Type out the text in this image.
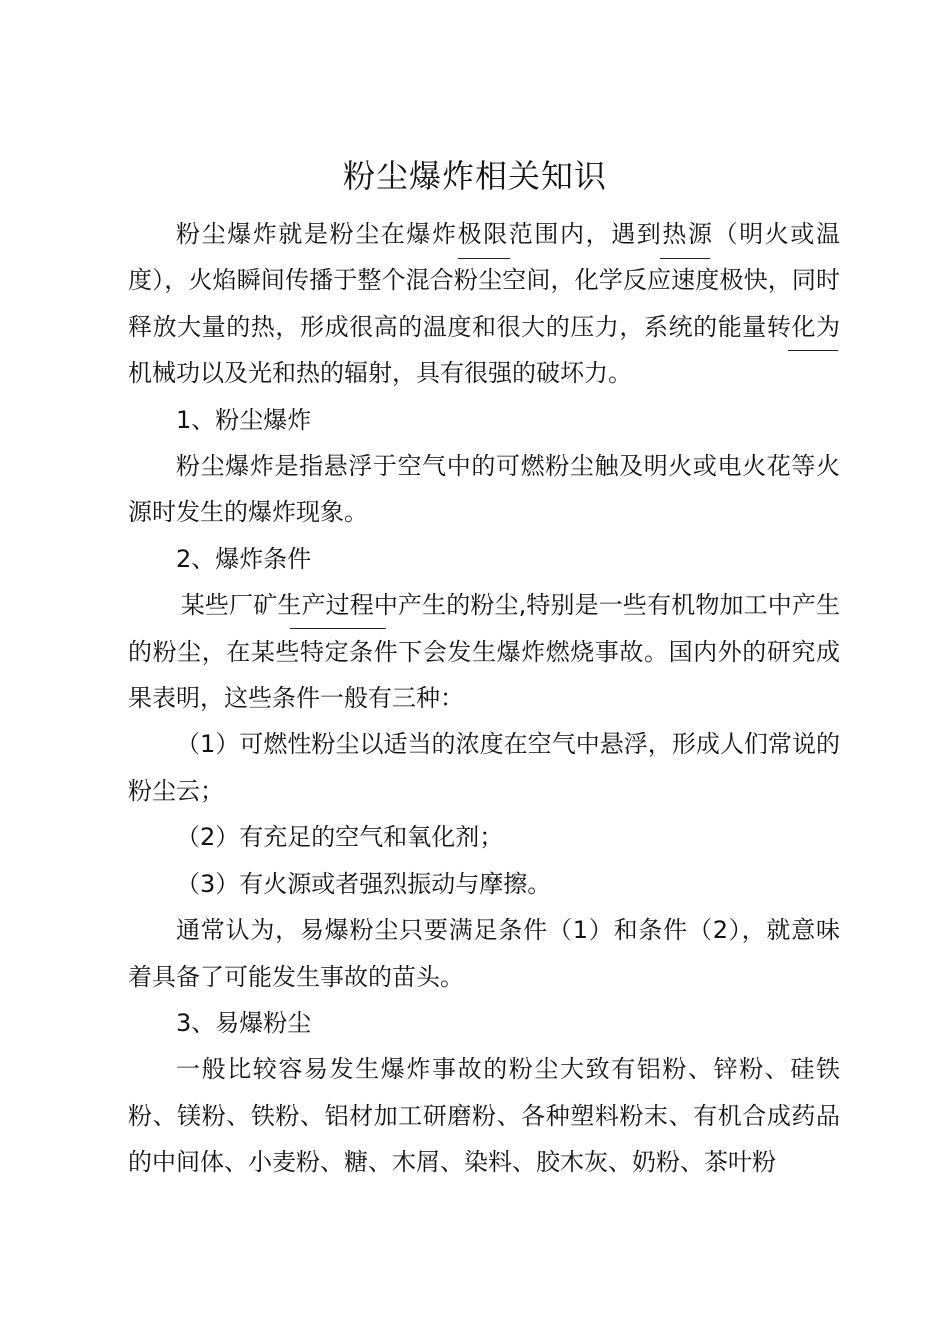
粉尘爆炸相关知识

粉尘爆炸就是粉尘在爆炸极限范围内，遇到热源（明火或温度），火焰瞬间传播于整个混合粉尘空间，化学反应速度极快，同时释放大量的热，形成很高的温度和很大的压力，系统的能量转化为机械功以及光和热的辐射，具有很强的破坏力。

1、粉尘爆炸

粉尘爆炸是指悬浮于空气中的可燃粉尘触及明火或电火花等火源时发生的爆炸现象。

2、爆炸条件

某些厂矿生产过程中产生的粉尘,特别是一些有机物加工中产生的粉尘，在某些特定条件下会发生爆炸燃烧事故。国内外的研究成果表明，这些条件一般有三种：

（1）可燃性粉尘以适当的浓度在空气中悬浮，形成人们常说的粉尘云；

（2）有充足的空气和氧化剂；

（3）有火源或者强烈振动与摩擦。

通常认为，易爆粉尘只要满足条件（1）和条件（2），就意味着具备了可能发生事故的苗头。

3、易爆粉尘

一般比较容易发生爆炸事故的粉尘大致有铝粉、锌粉、硅铁粉、镁粉、铁粉、铝材加工研磨粉、各种塑料粉末、有机合成药品的中间体、小麦粉、糖、木屑、染料、胶木灰、奶粉、茶叶粉
